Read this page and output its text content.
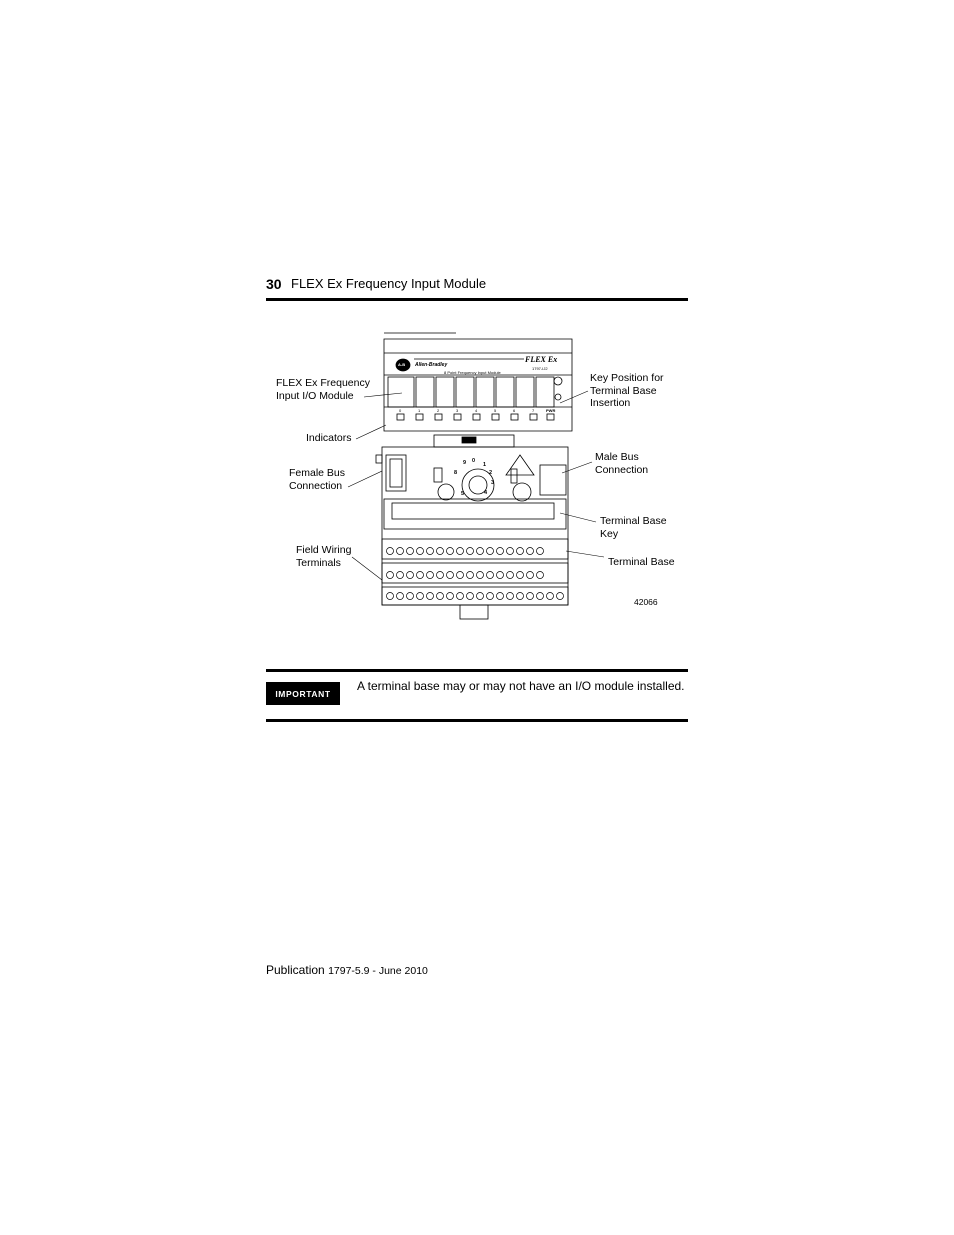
30 FLEX Ex Frequency Input Module
A-B Allen-Bradley
FLEX Ex
1797-IJ2
8 Point Frequency Input Module
0	1	2	3	4	5	6	7	PWR
9 0
1
2
3
4
5
8
FLEX Ex Frequency
Input I/O Module
Indicators
Female Bus
Connection
Field Wiring
Terminals
Key Position for
Terminal Base
Insertion
Male Bus
Connection
Terminal Base
Key
Terminal Base
42066
IMPORTANT
A terminal base may or may not have an I/O module installed.
Publication 1797-5.9 - June 2010
